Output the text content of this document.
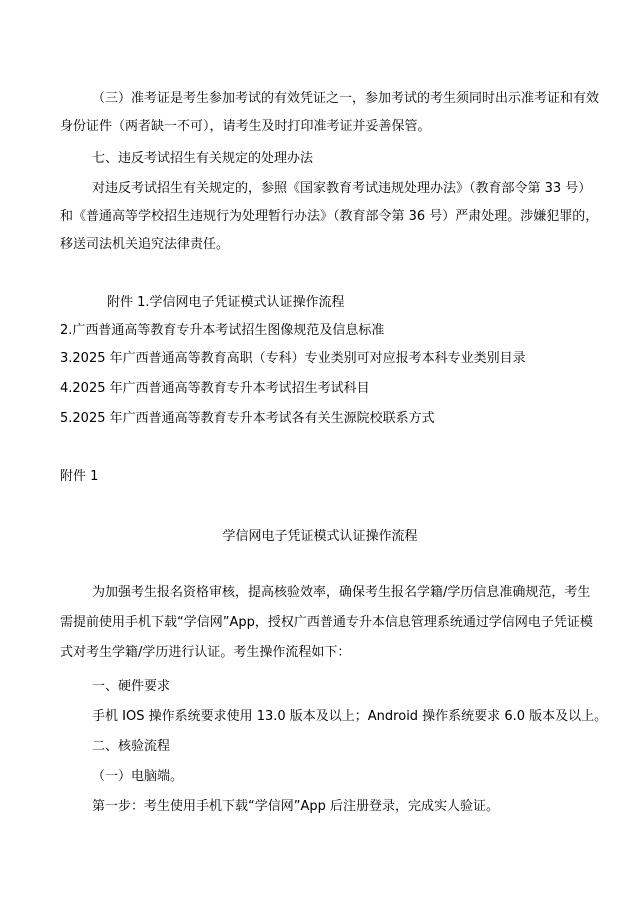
（三）准考证是考生参加考试的有效凭证之一，参加考试的考生须同时出示准考证和有效
身份证件（两者缺一不可），请考生及时打印准考证并妥善保管。
七、违反考试招生有关规定的处理办法
对违反考试招生有关规定的，参照《国家教育考试违规处理办法》（教育部令第 33 号）
和《普通高等学校招生违规行为处理暂行办法》（教育部令第 36 号）严肃处理。涉嫌犯罪的，
移送司法机关追究法律责任。
附件 1.学信网电子凭证模式认证操作流程
2.广西普通高等教育专升本考试招生图像规范及信息标准
3.2025 年广西普通高等教育高职（专科）专业类别可对应报考本科专业类别目录
4.2025 年广西普通高等教育专升本考试招生考试科目
5.2025 年广西普通高等教育专升本考试各有关生源院校联系方式
附件 1
学信网电子凭证模式认证操作流程
为加强考生报名资格审核，提高核验效率，确保考生报名学籍/学历信息准确规范，考生
需提前使用手机下载“学信网”App，授权广西普通专升本信息管理系统通过学信网电子凭证模
式对考生学籍/学历进行认证。考生操作流程如下：
一、硬件要求
手机 IOS 操作系统要求使用 13.0 版本及以上；Android 操作系统要求 6.0 版本及以上。
二、核验流程
（一）电脑端。
第一步：考生使用手机下载“学信网”App 后注册登录，完成实人验证。
